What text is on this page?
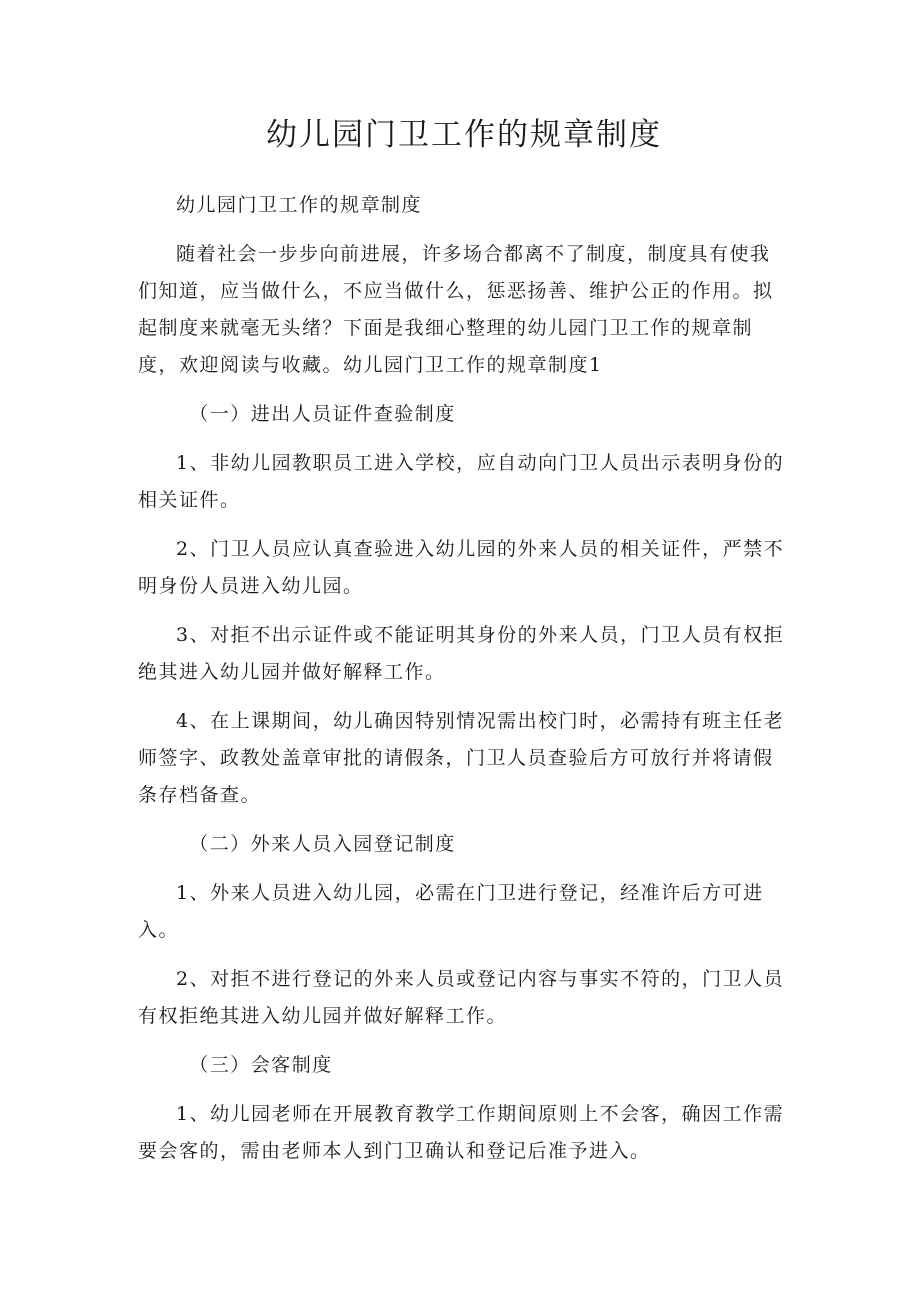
幼儿园门卫工作的规章制度

幼儿园门卫工作的规章制度

随着社会一步步向前进展，许多场合都离不了制度，制度具有使我们知道，应当做什么，不应当做什么，惩恶扬善、维护公正的作用。拟起制度来就毫无头绪？下面是我细心整理的幼儿园门卫工作的规章制度，欢迎阅读与收藏。幼儿园门卫工作的规章制度1

（一）进出人员证件查验制度

1、非幼儿园教职员工进入学校，应自动向门卫人员出示表明身份的相关证件。

2、门卫人员应认真查验进入幼儿园的外来人员的相关证件，严禁不明身份人员进入幼儿园。

3、对拒不出示证件或不能证明其身份的外来人员，门卫人员有权拒绝其进入幼儿园并做好解释工作。

4、在上课期间，幼儿确因特别情况需出校门时，必需持有班主任老师签字、政教处盖章审批的请假条，门卫人员查验后方可放行并将请假条存档备查。

（二）外来人员入园登记制度

1、外来人员进入幼儿园，必需在门卫进行登记，经准许后方可进入。

2、对拒不进行登记的外来人员或登记内容与事实不符的，门卫人员有权拒绝其进入幼儿园并做好解释工作。

（三）会客制度

1、幼儿园老师在开展教育教学工作期间原则上不会客，确因工作需要会客的，需由老师本人到门卫确认和登记后准予进入。
